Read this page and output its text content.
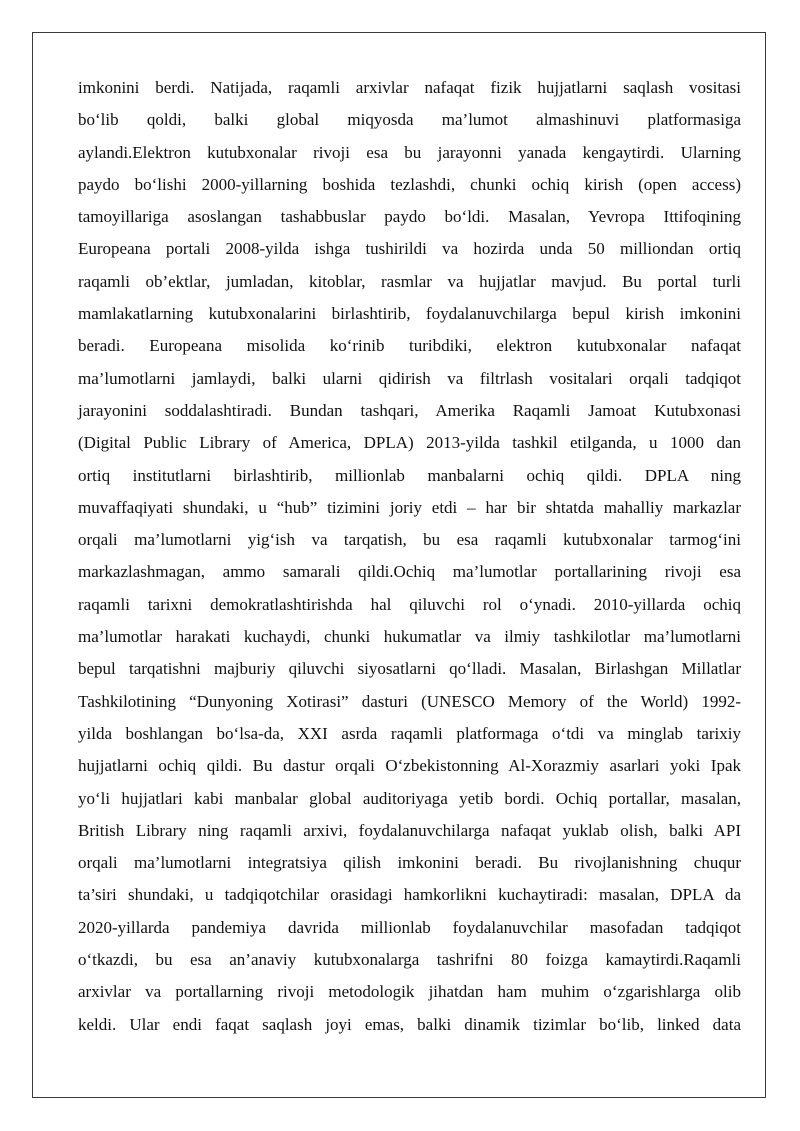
imkonini berdi. Natijada, raqamli arxivlar nafaqat fizik hujjatlarni saqlash vositasi
bo‘lib qoldi, balki global miqyosda ma’lumot almashinuvi platformasiga
aylandi.Elektron kutubxonalar rivoji esa bu jarayonni yanada kengaytirdi. Ularning
paydo bo‘lishi 2000-yillarning boshida tezlashdi, chunki ochiq kirish (open access)
tamoyillariga asoslangan tashabbuslar paydo bo‘ldi. Masalan, Yevropa Ittifoqining
Europeana portali 2008-yilda ishga tushirildi va hozirda unda 50 milliondan ortiq
raqamli ob’ektlar, jumladan, kitoblar, rasmlar va hujjatlar mavjud. Bu portal turli
mamlakatlarning kutubxonalarini birlashtirib, foydalanuvchilarga bepul kirish imkonini
beradi. Europeana misolida ko‘rinib turibdiki, elektron kutubxonalar nafaqat
ma’lumotlarni jamlaydi, balki ularni qidirish va filtrlash vositalari orqali tadqiqot
jarayonini soddalashtiradi. Bundan tashqari, Amerika Raqamli Jamoat Kutubxonasi
(Digital Public Library of America, DPLA) 2013-yilda tashkil etilganda, u 1000 dan
ortiq institutlarni birlashtirib, millionlab manbalarni ochiq qildi. DPLA ning
muvaffaqiyati shundaki, u “hub” tizimini joriy etdi – har bir shtatda mahalliy markazlar
orqali ma’lumotlarni yig‘ish va tarqatish, bu esa raqamli kutubxonalar tarmog‘ini
markazlashmagan, ammo samarali qildi.Ochiq ma’lumotlar portallarining rivoji esa
raqamli tarixni demokratlashtirishda hal qiluvchi rol o‘ynadi. 2010-yillarda ochiq
ma’lumotlar harakati kuchaydi, chunki hukumatlar va ilmiy tashkilotlar ma’lumotlarni
bepul tarqatishni majburiy qiluvchi siyosatlarni qo‘lladi. Masalan, Birlashgan Millatlar
Tashkilotining “Dunyoning Xotirasi” dasturi (UNESCO Memory of the World) 1992-
yilda boshlangan bo‘lsa-da, XXI asrda raqamli platformaga o‘tdi va minglab tarixiy
hujjatlarni ochiq qildi. Bu dastur orqali O‘zbekistonning Al-Xorazmiy asarlari yoki Ipak
yo‘li hujjatlari kabi manbalar global auditoriyaga yetib bordi. Ochiq portallar, masalan,
British Library ning raqamli arxivi, foydalanuvchilarga nafaqat yuklab olish, balki API
orqali ma’lumotlarni integratsiya qilish imkonini beradi. Bu rivojlanishning chuqur
ta’siri shundaki, u tadqiqotchilar orasidagi hamkorlikni kuchaytiradi: masalan, DPLA da
2020-yillarda pandemiya davrida millionlab foydalanuvchilar masofadan tadqiqot
o‘tkazdi, bu esa an’anaviy kutubxonalarga tashrifni 80 foizga kamaytirdi.Raqamli
arxivlar va portallarning rivoji metodologik jihatdan ham muhim o‘zgarishlarga olib
keldi. Ular endi faqat saqlash joyi emas, balki dinamik tizimlar bo‘lib, linked data
